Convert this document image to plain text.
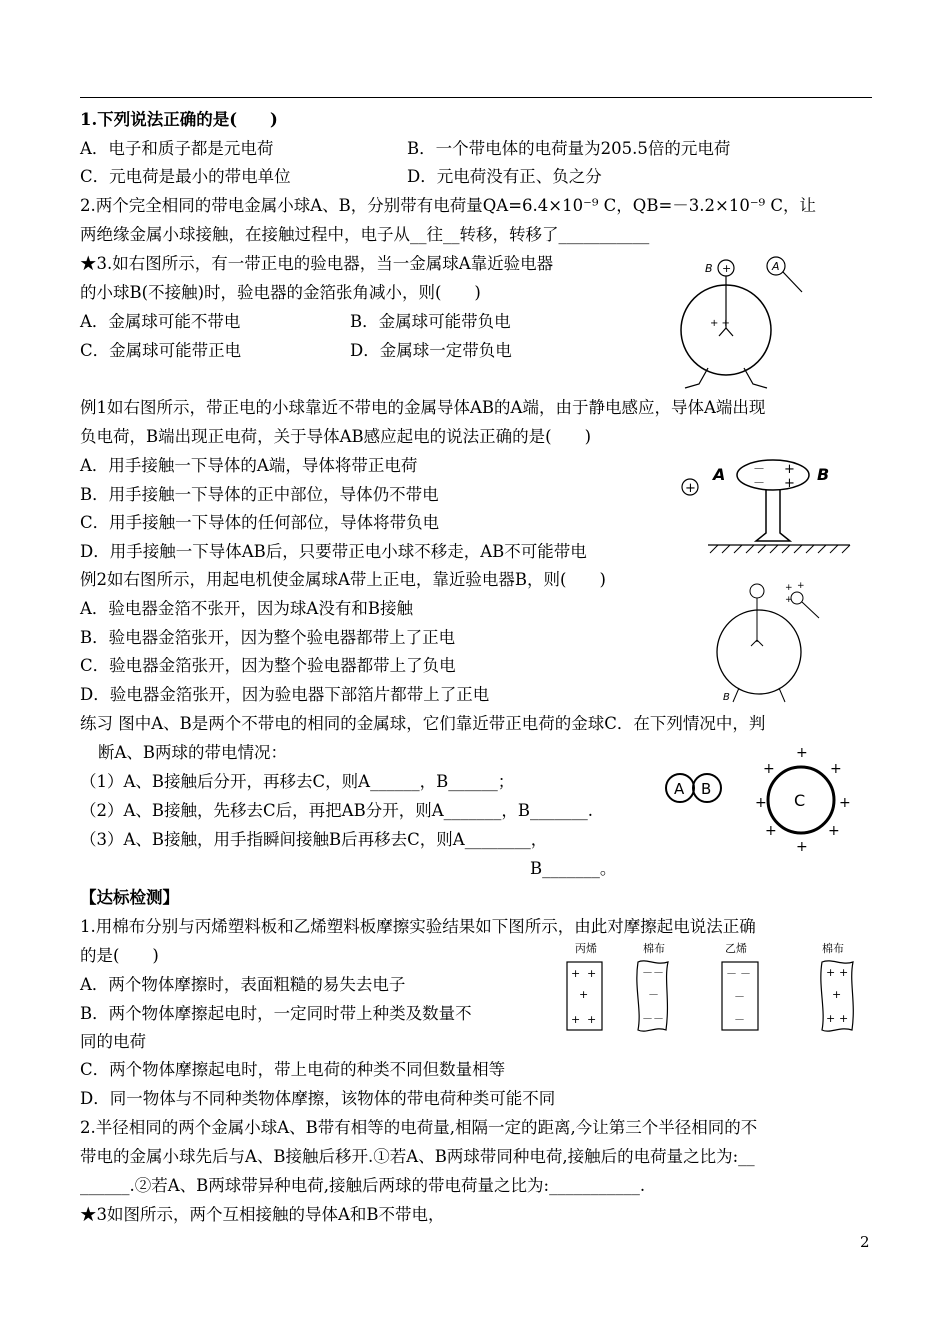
1.下列说法正确的是(　　)
A．电子和质子都是元电荷	B．一个带电体的电荷量为205.5倍的元电荷
C．元电荷是最小的带电单位	D．元电荷没有正、负之分
2.两个完全相同的带电金属小球A、B，分别带有电荷量QA=6.4×10⁻⁹ C，QB=－3.2×10⁻⁹ C，让
两绝缘金属小球接触，在接触过程中，电子从__往__转移，转移了___________
★3.如右图所示，有一带正电的验电器，当一金属球A靠近验电器
的小球B(不接触)时，验电器的金箔张角减小，则(　　)
A．金属球可能不带电	B．金属球可能带负电
C．金属球可能带正电	D．金属球一定带负电
例1如右图所示，带正电的小球靠近不带电的金属导体AB的A端，由于静电感应，导体A端出现
负电荷，B端出现正电荷，关于导体AB感应起电的说法正确的是(　　)
A．用手接触一下导体的A端，导体将带正电荷
B．用手接触一下导体的正中部位，导体仍不带电
C．用手接触一下导体的任何部位，导体将带负电
D．用手接触一下导体AB后，只要带正电小球不移走，AB不可能带电
例2如右图所示，用起电机使金属球A带上正电，靠近验电器B，则(　　)
A．验电器金箔不张开，因为球A没有和B接触
B．验电器金箔张开，因为整个验电器都带上了正电
C．验电器金箔张开，因为整个验电器都带上了负电
D．验电器金箔张开，因为验电器下部箔片都带上了正电
练习 图中A、B是两个不带电的相同的金属球，它们靠近带正电荷的金球C．在下列情况中，判
断A、B两球的带电情况：
（1）A、B接触后分开，再移去C，则A______，B______；
（2）A、B接触，先移去C后，再把AB分开，则A_______，B_______.
（3）A、B接触，用手指瞬间接触B后再移去C，则A________，
B_______。
【达标检测】
1.用棉布分别与丙烯塑料板和乙烯塑料板摩擦实验结果如下图所示，由此对摩擦起电说法正确
的是(　　)
A．两个物体摩擦时，表面粗糙的易失去电子
B．两个物体摩擦起电时，一定同时带上种类及数量不
同的电荷
C．两个物体摩擦起电时，带上电荷的种类不同但数量相等
D．同一物体与不同种类物体摩擦，该物体的带电荷种类可能不同
2.半径相同的两个金属小球A、B带有相等的电荷量,相隔一定的距离,今让第三个半径相同的不
带电的金属小球先后与A、B接触后移开.①若A、B两球带同种电荷,接触后的电荷量之比为:__
______.②若A、B两球带异种电荷,接触后两球的带电荷量之比为:___________.
★3如图所示，两个互相接触的导体A和B不带电，
B +	A
+ +
+
A	B
－
－
+
+
+ +
+
B
A B
C
+
+	+
+	+
+	+
+
丙烯	棉布	乙烯	棉布
+ +
+
+ +
－ －
－
－ －
－ －
－
－
+ +
+
+ +
2
